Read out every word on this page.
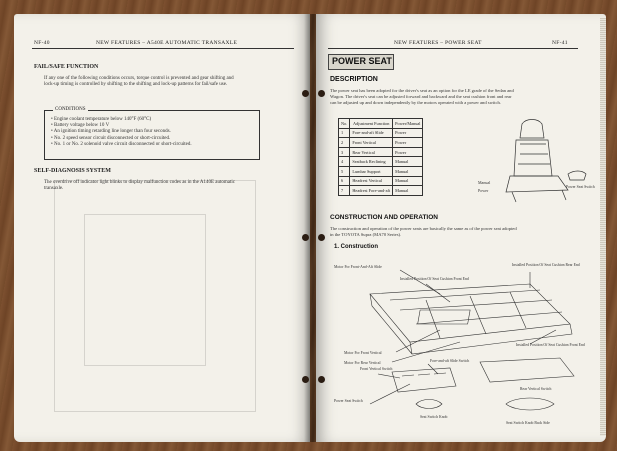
NF-40	NEW FEATURES – A540E AUTOMATIC TRANSAXLE
FAIL/SAFE FUNCTION
If any one of the following conditions occurs, torque control is prevented and gear shifting and
lock-up timing is controlled by shifting to the shifting and lock-up patterns for fail/safe use.
CONDITIONS
• Engine coolant temperature below 140°F (60°C)
• Battery voltage below 10 V
• An ignition timing retarding line longer than four seconds.
• No. 2 speed sensor circuit disconnected or short-circuited.
• No. 1 or No. 2 solenoid valve circuit disconnected or short-circuited.
SELF-DIAGNOSIS SYSTEM
The overdrive off indicator light blinks to display malfunction codes as in the A140E automatic
transaxle.
NEW FEATURES – POWER SEAT	NF-41
POWER SEAT
DESCRIPTION
The power seat has been adopted for the driver's seat as an option for the LE grade of the Sedan and
Wagon. The driver's seat can be adjusted forward and backward and the seat cushion front and rear
can be adjusted up and down independently by the motors operated with a power and switch.
No.	Adjustment Function	Power/Manual
1	Fore-and-aft Slide	Power
2	Front Vertical	Power
3	Rear Vertical	Power
4	Seatback Reclining	Manual
5	Lumbar Support	Manual
6	Headrest Vertical	Manual
7	Headrest Fore-and-aft	Manual
Manual
Power
Power Seat Switch
CONSTRUCTION AND OPERATION
The construction and operation of the power seats are basically the same as of the power seat adopted
in the TOYOTA Supra (MA70 Series).
1. Construction
Motor For Front-And-Aft Slide
Installed Position Of Seat Cushion Front End
Installed Position Of Seat Cushion Rear End
Motor For Front Vertical
Motor For Rear Vertical
Installed Position Of Seat Cushion Front End
Fore-and-aft Slide Switch
Front Vertical Switch
Rear Vertical Switch
Power Seat Switch
Seat Switch Knob
Seat Switch Knob Back Side
